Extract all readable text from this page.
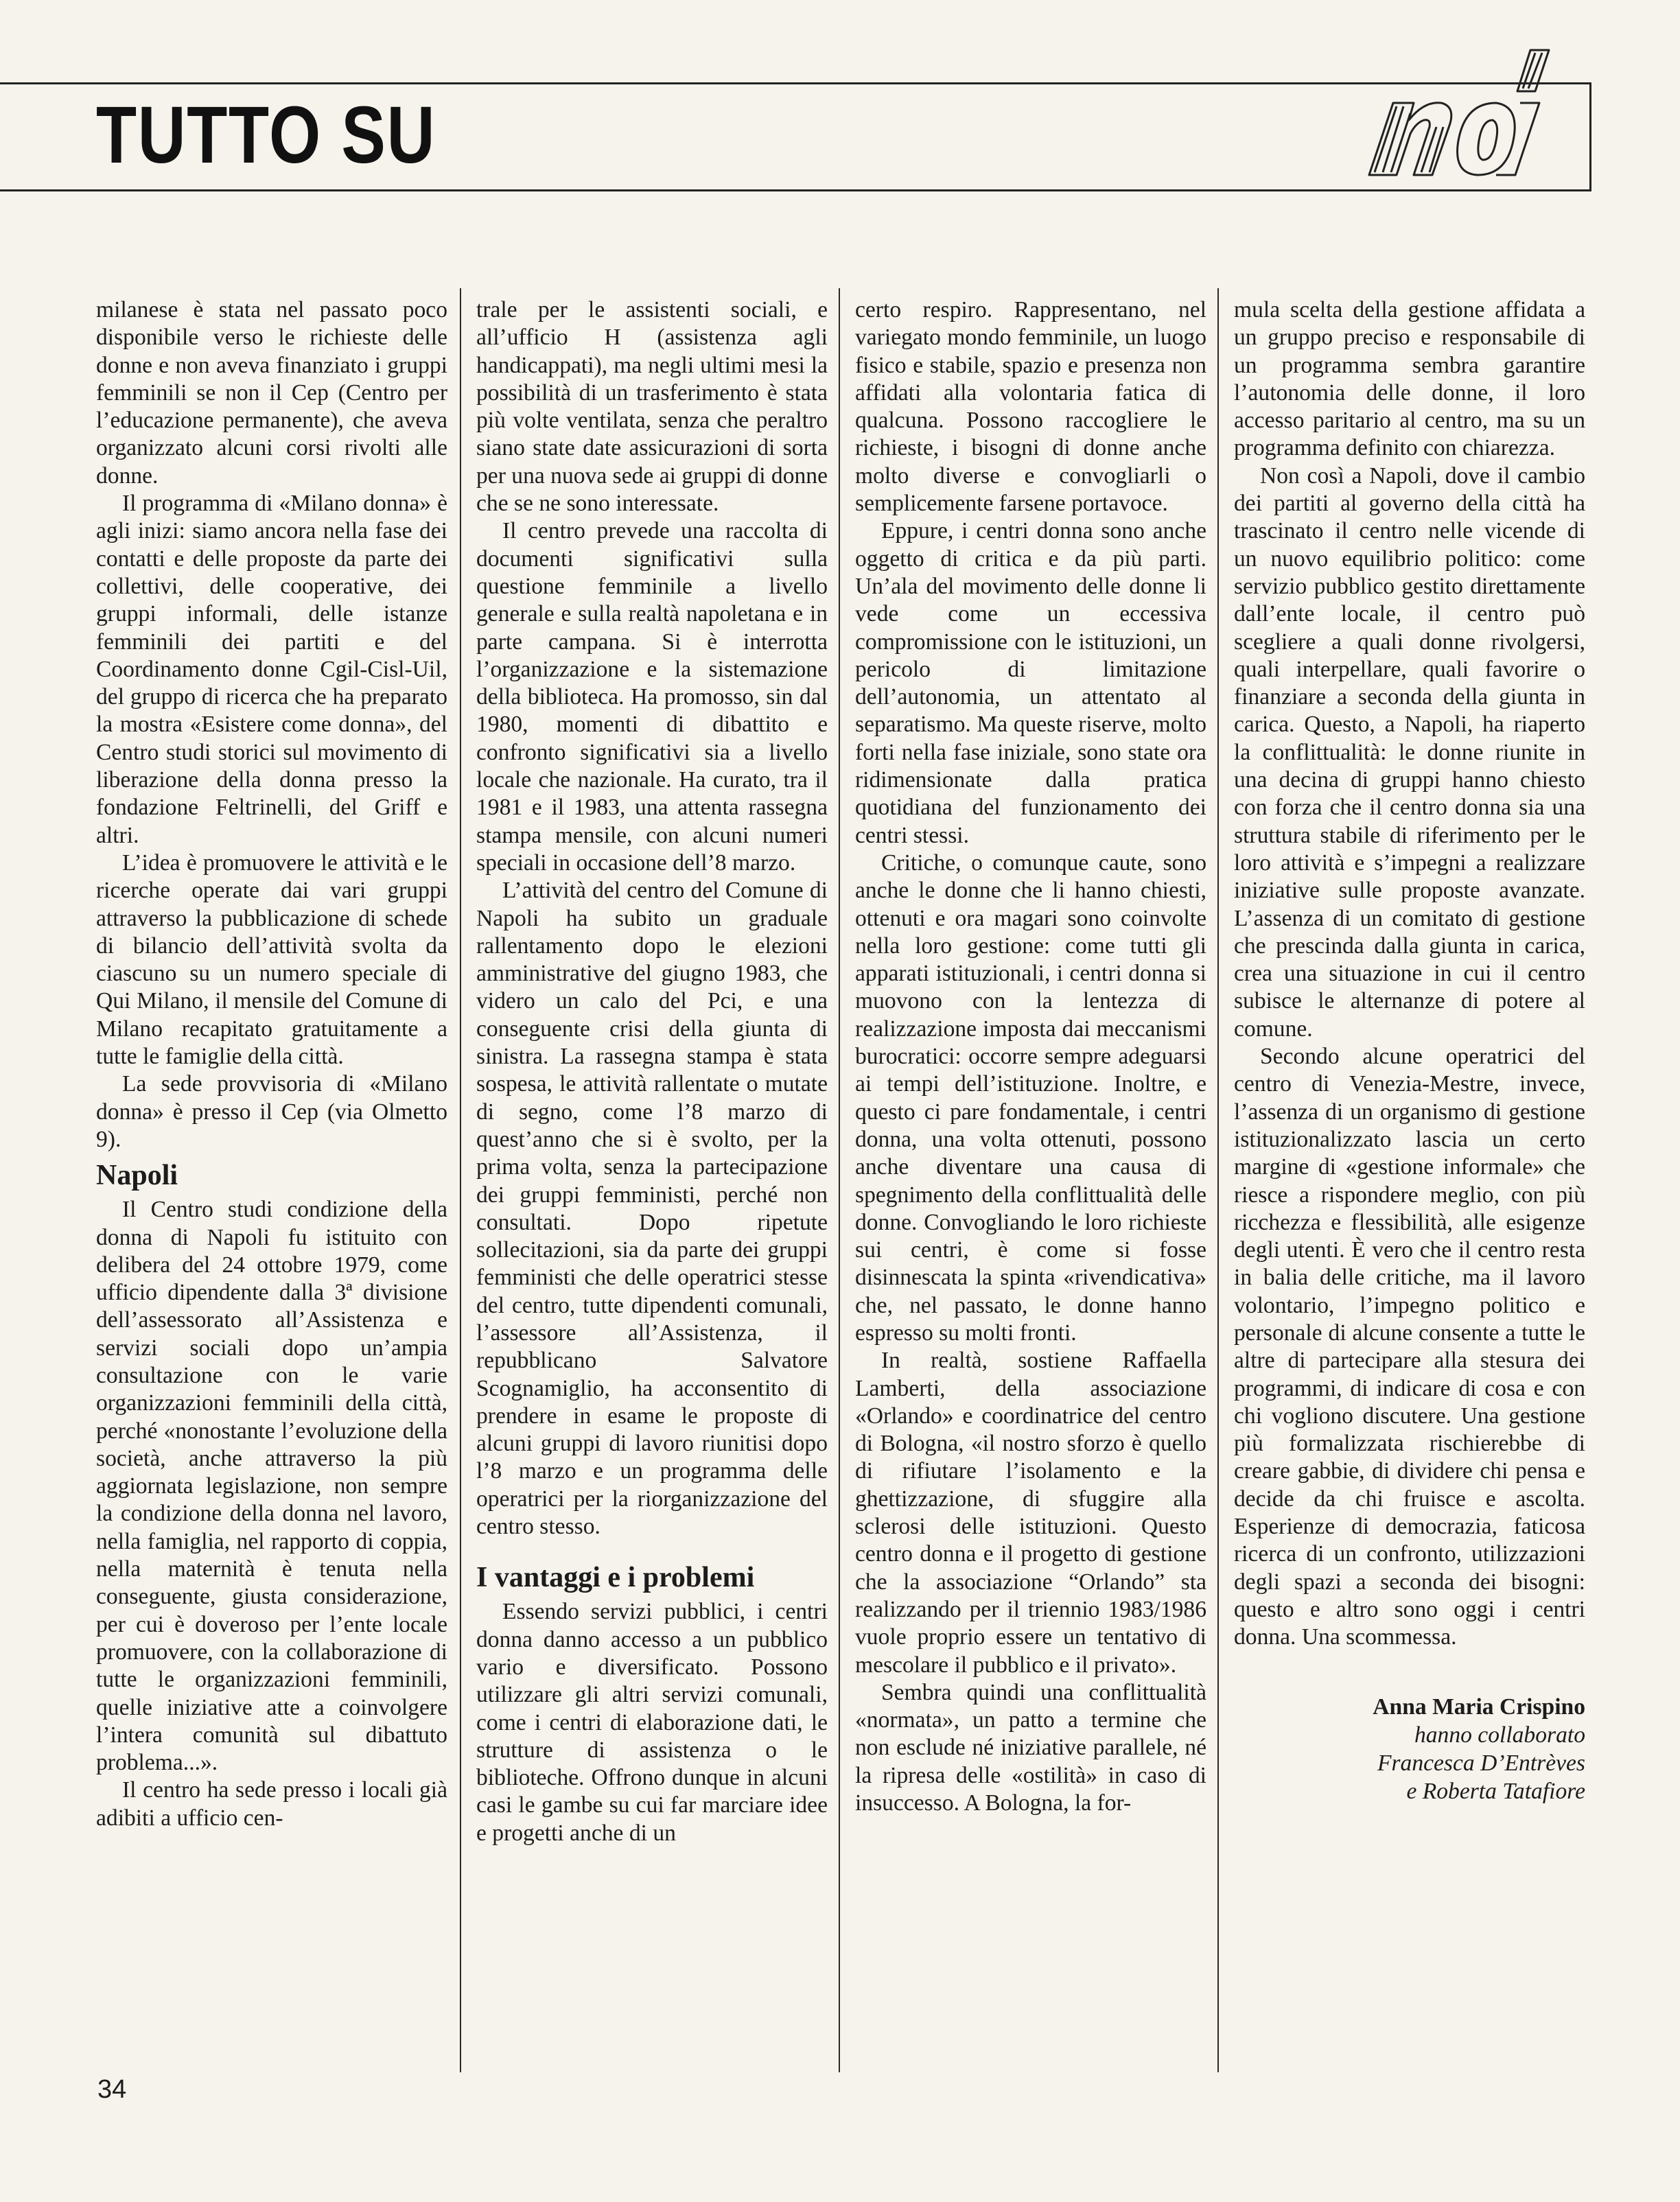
TUTTO SU

milanese è stata nel passato poco disponibile verso le richieste delle donne e non aveva finanziato i gruppi femminili se non il Cep (Centro per l’educazione permanente), che aveva organizzato alcuni corsi rivolti alle donne.

Il programma di «Milano donna» è agli inizi: siamo ancora nella fase dei contatti e delle proposte da parte dei collettivi, delle cooperative, dei gruppi informali, delle istanze femminili dei partiti e del Coordinamento donne Cgil-Cisl-Uil, del gruppo di ricerca che ha preparato la mostra «Esistere come donna», del Centro studi storici sul movimento di liberazione della donna presso la fondazione Feltrinelli, del Griff e altri.

L’idea è promuovere le attività e le ricerche operate dai vari gruppi attraverso la pubblicazione di schede di bilancio dell’attività svolta da ciascuno su un numero speciale di Qui Milano, il mensile del Comune di Milano recapitato gratuitamente a tutte le famiglie della città.

La sede provvisoria di «Milano donna» è presso il Cep (via Olmetto 9).

Napoli

Il Centro studi condizione della donna di Napoli fu istituito con delibera del 24 ottobre 1979, come ufficio dipendente dalla 3ª divisione dell’assessorato all’Assistenza e servizi sociali dopo un’ampia consultazione con le varie organizzazioni femminili della città, perché «nonostante l’evoluzione della società, anche attraverso la più aggiornata legislazione, non sempre la condizione della donna nel lavoro, nella famiglia, nel rapporto di coppia, nella maternità è tenuta nella conseguente, giusta considerazione, per cui è doveroso per l’ente locale promuovere, con la collaborazione di tutte le organizzazioni femminili, quelle iniziative atte a coinvolgere l’intera comunità sul dibattuto problema...».

Il centro ha sede presso i locali già adibiti a ufficio cen-

trale per le assistenti sociali, e all’ufficio H (assistenza agli handicappati), ma negli ultimi mesi la possibilità di un trasferimento è stata più volte ventilata, senza che peraltro siano state date assicurazioni di sorta per una nuova sede ai gruppi di donne che se ne sono interessate.

Il centro prevede una raccolta di documenti significativi sulla questione femminile a livello generale e sulla realtà napoletana e in parte campana. Si è interrotta l’organizzazione e la sistemazione della biblioteca. Ha promosso, sin dal 1980, momenti di dibattito e confronto significativi sia a livello locale che nazionale. Ha curato, tra il 1981 e il 1983, una attenta rassegna stampa mensile, con alcuni numeri speciali in occasione dell’8 marzo.

L’attività del centro del Comune di Napoli ha subito un graduale rallentamento dopo le elezioni amministrative del giugno 1983, che videro un calo del Pci, e una conseguente crisi della giunta di sinistra. La rassegna stampa è stata sospesa, le attività rallentate o mutate di segno, come l’8 marzo di quest’anno che si è svolto, per la prima volta, senza la partecipazione dei gruppi femministi, perché non consultati. Dopo ripetute sollecitazioni, sia da parte dei gruppi femministi che delle operatrici stesse del centro, tutte dipendenti comunali, l’assessore all’Assistenza, il repubblicano Salvatore Scognamiglio, ha acconsentito di prendere in esame le proposte di alcuni gruppi di lavoro riunitisi dopo l’8 marzo e un programma delle operatrici per la riorganizzazione del centro stesso.

I vantaggi e i problemi

Essendo servizi pubblici, i centri donna danno accesso a un pubblico vario e diversificato. Possono utilizzare gli altri servizi comunali, come i centri di elaborazione dati, le strutture di assistenza o le biblioteche. Offrono dunque in alcuni casi le gambe su cui far marciare idee e progetti anche di un

certo respiro. Rappresentano, nel variegato mondo femminile, un luogo fisico e stabile, spazio e presenza non affidati alla volontaria fatica di qualcuna. Possono raccogliere le richieste, i bisogni di donne anche molto diverse e convogliarli o semplicemente farsene portavoce.

Eppure, i centri donna sono anche oggetto di critica e da più parti. Un’ala del movimento delle donne li vede come un eccessiva compromissione con le istituzioni, un pericolo di limitazione dell’autonomia, un attentato al separatismo. Ma queste riserve, molto forti nella fase iniziale, sono state ora ridimensionate dalla pratica quotidiana del funzionamento dei centri stessi.

Critiche, o comunque caute, sono anche le donne che li hanno chiesti, ottenuti e ora magari sono coinvolte nella loro gestione: come tutti gli apparati istituzionali, i centri donna si muovono con la lentezza di realizzazione imposta dai meccanismi burocratici: occorre sempre adeguarsi ai tempi dell’istituzione. Inoltre, e questo ci pare fondamentale, i centri donna, una volta ottenuti, possono anche diventare una causa di spegnimento della conflittualità delle donne. Convogliando le loro richieste sui centri, è come si fosse disinnescata la spinta «rivendicativa» che, nel passato, le donne hanno espresso su molti fronti.

In realtà, sostiene Raffaella Lamberti, della associazione «Orlando» e coordinatrice del centro di Bologna, «il nostro sforzo è quello di rifiutare l’isolamento e la ghettizzazione, di sfuggire alla sclerosi delle istituzioni. Questo centro donna e il progetto di gestione che la associazione “Orlando” sta realizzando per il triennio 1983/1986 vuole proprio essere un tentativo di mescolare il pubblico e il privato».

Sembra quindi una conflittualità «normata», un patto a termine che non esclude né iniziative parallele, né la ripresa delle «ostilità» in caso di insuccesso. A Bologna, la for-

mula scelta della gestione affidata a un gruppo preciso e responsabile di un programma sembra garantire l’autonomia delle donne, il loro accesso paritario al centro, ma su un programma definito con chiarezza.

Non così a Napoli, dove il cambio dei partiti al governo della città ha trascinato il centro nelle vicende di un nuovo equilibrio politico: come servizio pubblico gestito direttamente dall’ente locale, il centro può scegliere a quali donne rivolgersi, quali interpellare, quali favorire o finanziare a seconda della giunta in carica. Questo, a Napoli, ha riaperto la conflittualità: le donne riunite in una decina di gruppi hanno chiesto con forza che il centro donna sia una struttura stabile di riferimento per le loro attività e s’impegni a realizzare iniziative sulle proposte avanzate. L’assenza di un comitato di gestione che prescinda dalla giunta in carica, crea una situazione in cui il centro subisce le alternanze di potere al comune.

Secondo alcune operatrici del centro di Venezia-Mestre, invece, l’assenza di un organismo di gestione istituzionalizzato lascia un certo margine di «gestione informale» che riesce a rispondere meglio, con più ricchezza e flessibilità, alle esigenze degli utenti. È vero che il centro resta in balia delle critiche, ma il lavoro volontario, l’impegno politico e personale di alcune consente a tutte le altre di partecipare alla stesura dei programmi, di indicare di cosa e con chi vogliono discutere. Una gestione più formalizzata rischierebbe di creare gabbie, di dividere chi pensa e decide da chi fruisce e ascolta. Esperienze di democrazia, faticosa ricerca di un confronto, utilizzazioni degli spazi a seconda dei bisogni: questo e altro sono oggi i centri donna. Una scommessa.

Anna Maria Crispino
hanno collaborato
Francesca D’Entrèves
e Roberta Tatafiore
34
